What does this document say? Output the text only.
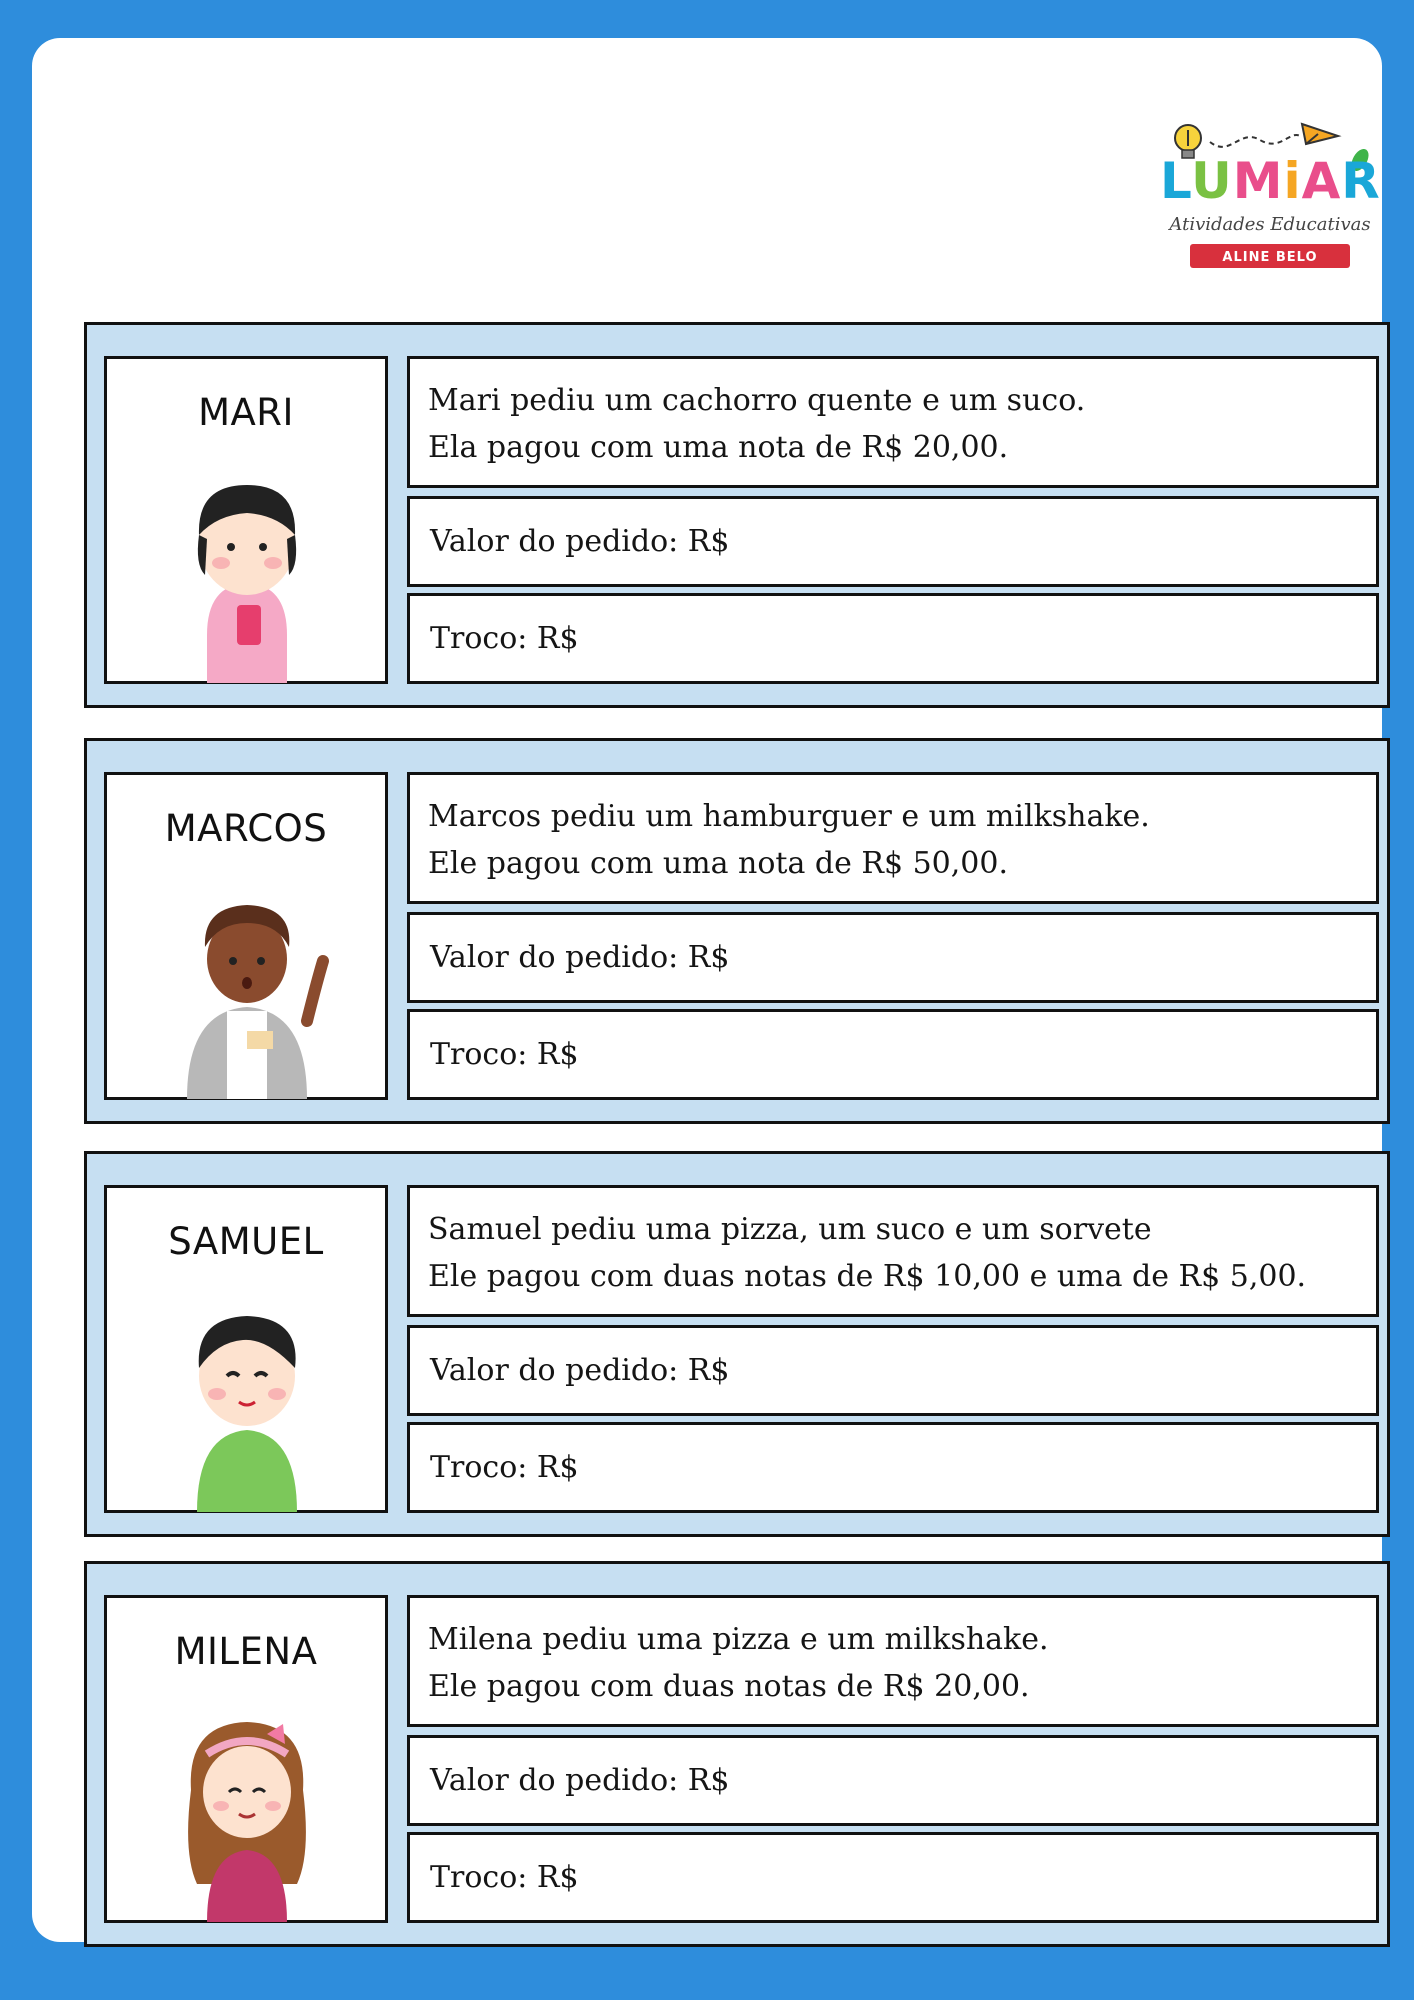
LUMiAR
Atividades Educativas
ALINE BELO
MARI	Mari pediu um cachorro quente e um suco.
Ela pagou com uma nota de R$ 20,00.
Valor do pedido: R$
Troco: R$
MARCOS	Marcos pediu um hamburguer e um milkshake.
Ele pagou com uma nota de R$ 50,00.
Valor do pedido: R$
Troco: R$
SAMUEL	Samuel pediu uma pizza, um suco e um sorvete
Ele pagou com duas notas de R$ 10,00 e uma de R$ 5,00.
Valor do pedido: R$
Troco: R$
MILENA	Milena pediu uma pizza e um milkshake.
Ele pagou com duas notas de R$ 20,00.
Valor do pedido: R$
Troco: R$
